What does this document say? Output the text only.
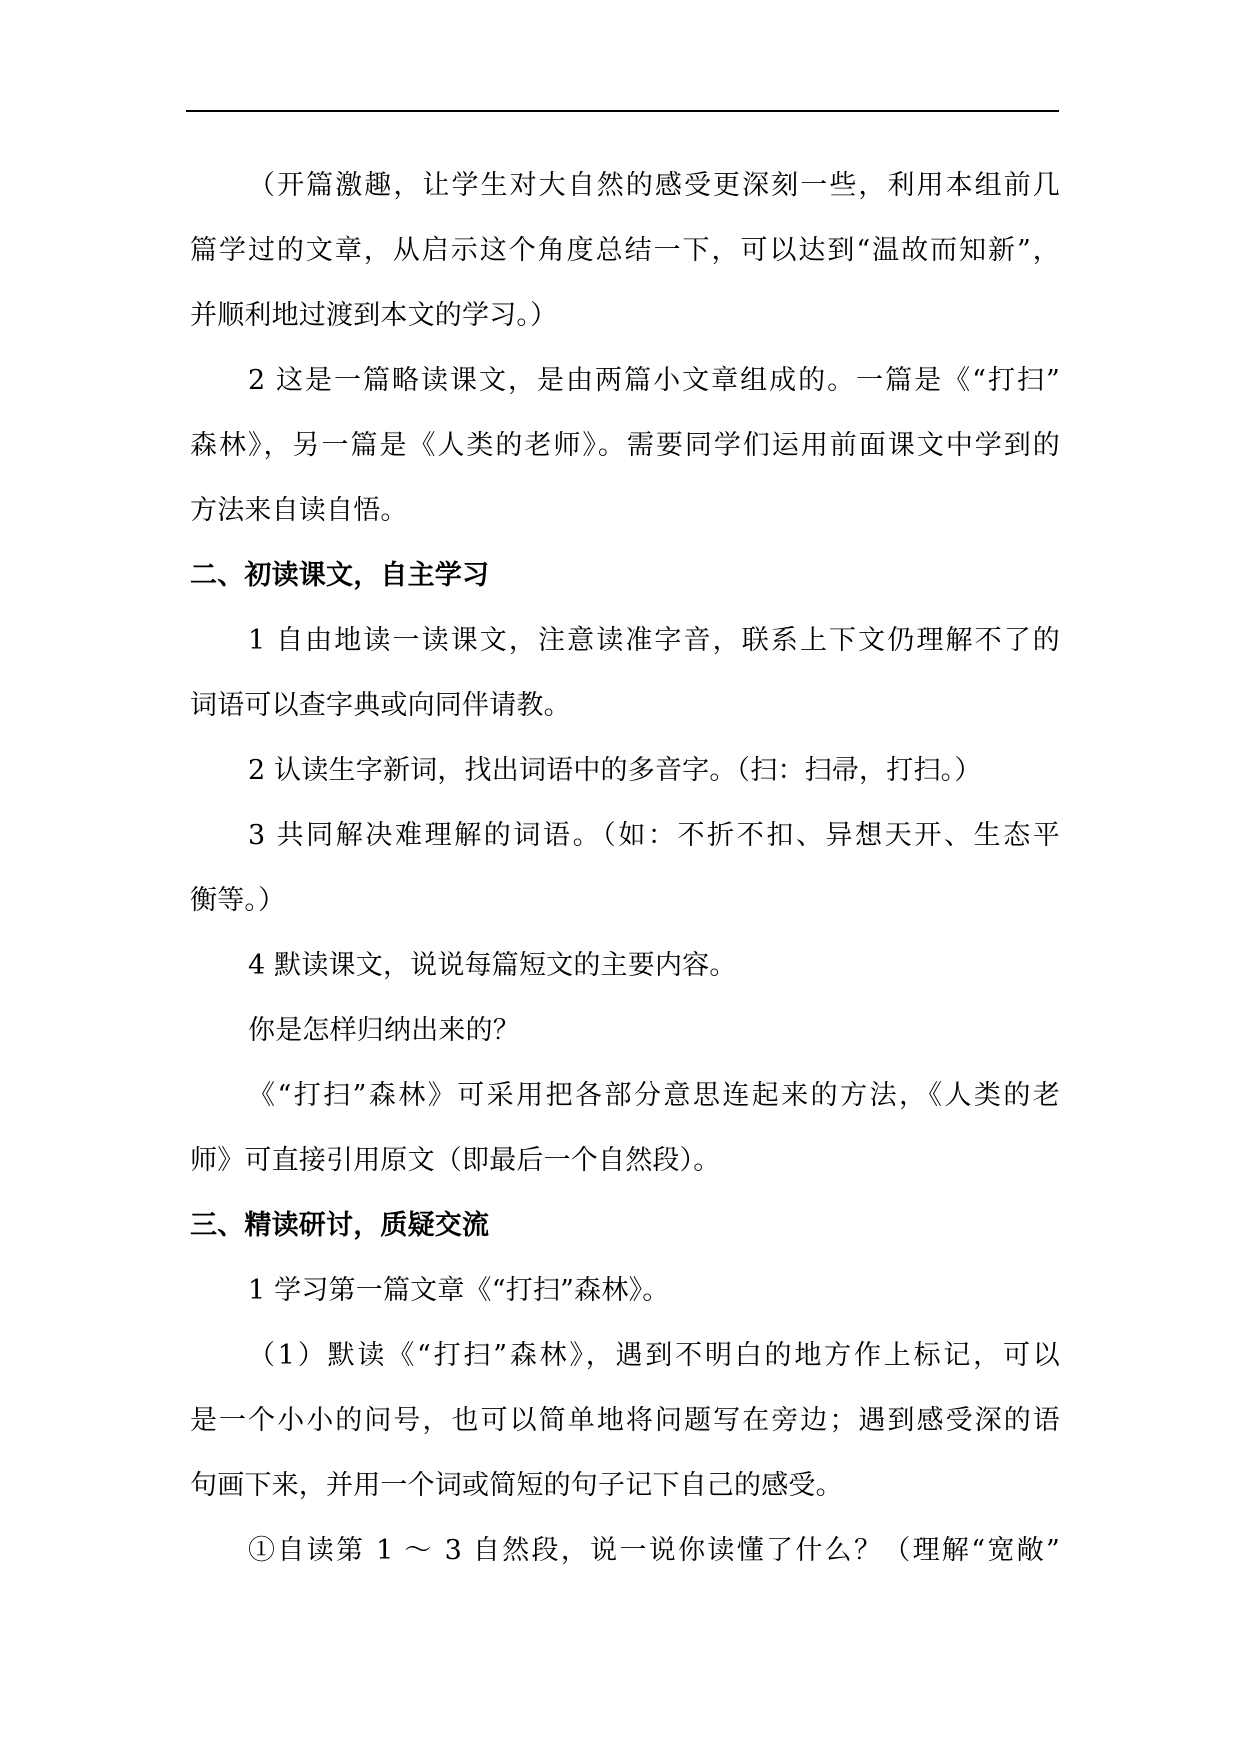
（开篇激趣，让学生对大自然的感受更深刻一些，利用本组前几
篇学过的文章，从启示这个角度总结一下，可以达到“温故而知新”，
并顺利地过渡到本文的学习。）
2 这是一篇略读课文，是由两篇小文章组成的。一篇是《“打扫”
森林》，另一篇是《人类的老师》。需要同学们运用前面课文中学到的
方法来自读自悟。
二、初读课文，自主学习
1 自由地读一读课文，注意读准字音，联系上下文仍理解不了的
词语可以查字典或向同伴请教。
2 认读生字新词，找出词语中的多音字。（扫：扫帚，打扫。）
3 共同解决难理解的词语。（如：不折不扣、异想天开、生态平
衡等。）
4 默读课文，说说每篇短文的主要内容。
你是怎样归纳出来的？
《“打扫”森林》可采用把各部分意思连起来的方法，《人类的老
师》可直接引用原文（即最后一个自然段）。
三、精读研讨，质疑交流
1 学习第一篇文章《“打扫”森林》。
（1）默读《“打扫”森林》，遇到不明白的地方作上标记，可以
是一个小小的问号，也可以简单地将问题写在旁边；遇到感受深的语
句画下来，并用一个词或简短的句子记下自己的感受。
①自读第 1 ～ 3 自然段，说一说你读懂了什么？（理解“宽敞”
